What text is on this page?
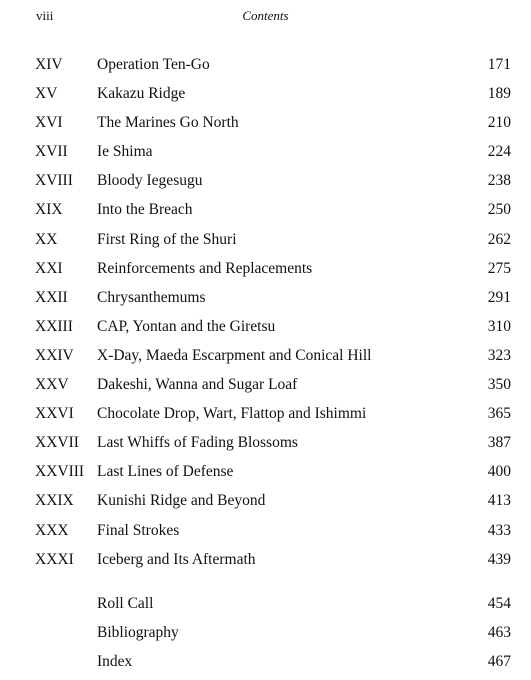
viii	Contents
XIV Operation Ten-Go	171
XV	Kakazu Ridge	189
XVI The Marines Go North	210
XVII Ie Shima	224
XVIII Bloody Iegesugu	238
XIX Into the Breach	250
XX	First Ring of the Shuri	262
XXI Reinforcements and Replacements	275
XXII Chrysanthemums	291
XXIII CAP, Yontan and the Giretsu	310
XXIV X-Day, Maeda Escarpment and Conical Hill	323
XXV Dakeshi, Wanna and Sugar Loaf	350
XXVI Chocolate Drop, Wart, Flattop and Ishimmi	365
XXVII Last Whiffs of Fading Blossoms	387
XXVIII Last Lines of Defense	400
XXIX Kunishi Ridge and Beyond	413
XXX Final Strokes	433
XXXI Iceberg and Its Aftermath	439
Roll Call	454
Bibliography	463
Index	467
